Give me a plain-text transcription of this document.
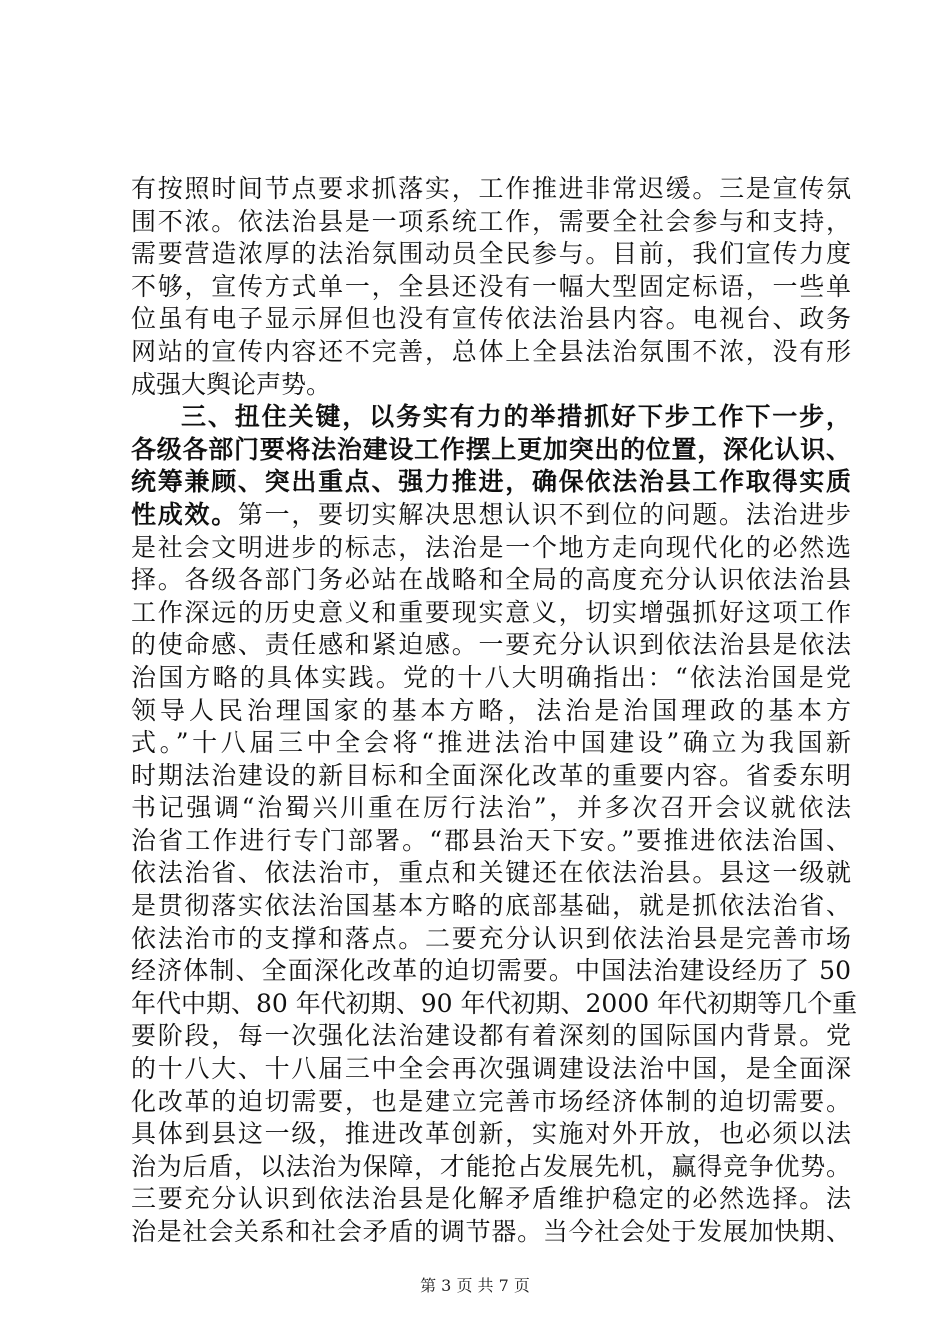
有按照时间节点要求抓落实，工作推进非常迟缓。三是宣传氛
围不浓。依法治县是一项系统工作，需要全社会参与和支持，
需要营造浓厚的法治氛围动员全民参与。目前，我们宣传力度
不够，宣传方式单一，全县还没有一幅大型固定标语，一些单
位虽有电子显示屏但也没有宣传依法治县内容。电视台、政务
网站的宣传内容还不完善，总体上全县法治氛围不浓，没有形
成强大舆论声势。
三、扭住关键，以务实有力的举措抓好下步工作下一步，
各级各部门要将法治建设工作摆上更加突出的位置，深化认识、
统筹兼顾、突出重点、强力推进，确保依法治县工作取得实质
性成效。第一，要切实解决思想认识不到位的问题。法治进步
是社会文明进步的标志，法治是一个地方走向现代化的必然选
择。各级各部门务必站在战略和全局的高度充分认识依法治县
工作深远的历史意义和重要现实意义，切实增强抓好这项工作
的使命感、责任感和紧迫感。一要充分认识到依法治县是依法
治国方略的具体实践。党的十八大明确指出：“依法治国是党
领导人民治理国家的基本方略，法治是治国理政的基本方
式。”十八届三中全会将“推进法治中国建设”确立为我国新
时期法治建设的新目标和全面深化改革的重要内容。省委东明
书记强调“治蜀兴川重在厉行法治”，并多次召开会议就依法
治省工作进行专门部署。“郡县治天下安。”要推进依法治国、
依法治省、依法治市，重点和关键还在依法治县。县这一级就
是贯彻落实依法治国基本方略的底部基础，就是抓依法治省、
依法治市的支撑和落点。二要充分认识到依法治县是完善市场
经济体制、全面深化改革的迫切需要。中国法治建设经历了 50
年代中期、80 年代初期、90 年代初期、2000 年代初期等几个重
要阶段，每一次强化法治建设都有着深刻的国际国内背景。党
的十八大、十八届三中全会再次强调建设法治中国，是全面深
化改革的迫切需要，也是建立完善市场经济体制的迫切需要。
具体到县这一级，推进改革创新，实施对外开放，也必须以法
治为后盾，以法治为保障，才能抢占发展先机，赢得竞争优势。
三要充分认识到依法治县是化解矛盾维护稳定的必然选择。法
治是社会关系和社会矛盾的调节器。当今社会处于发展加快期、
第 3 页 共 7 页
